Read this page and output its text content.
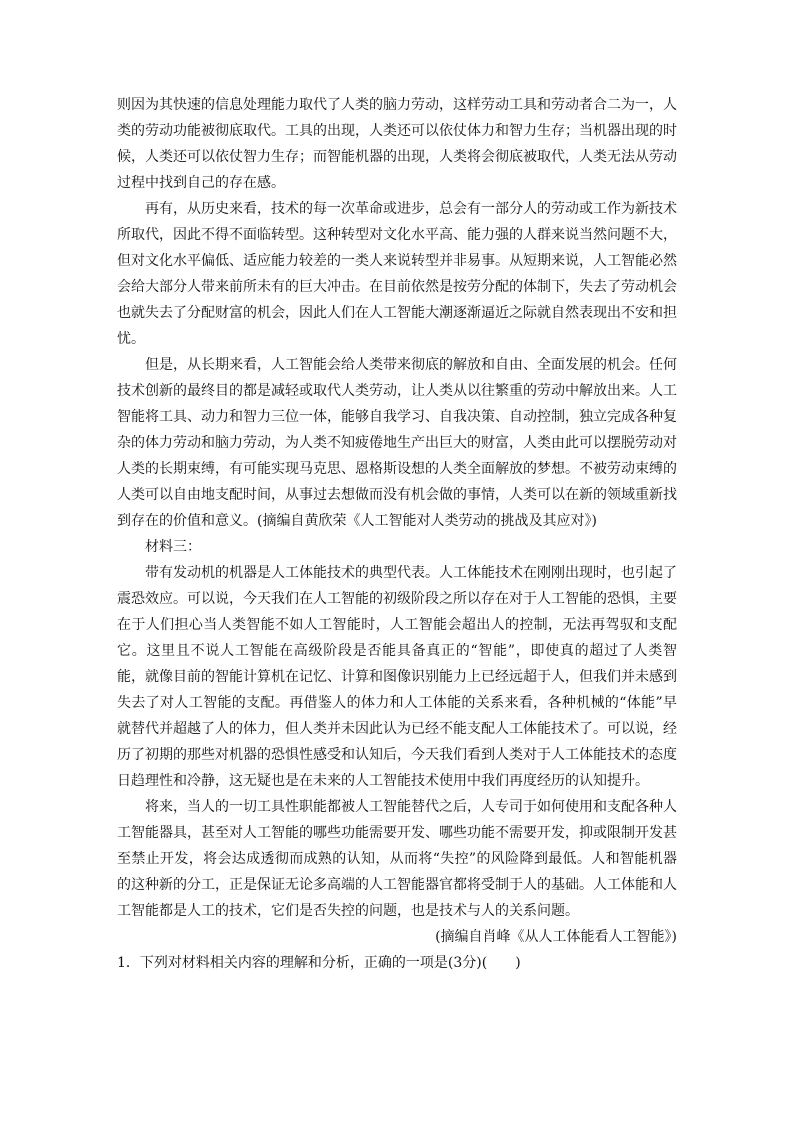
则因为其快速的信息处理能力取代了人类的脑力劳动，这样劳动工具和劳动者合二为一，人类的劳动功能被彻底取代。工具的出现，人类还可以依仗体力和智力生存；当机器出现的时候，人类还可以依仗智力生存；而智能机器的出现，人类将会彻底被取代，人类无法从劳动过程中找到自己的存在感。

再有，从历史来看，技术的每一次革命或进步，总会有一部分人的劳动或工作为新技术所取代，因此不得不面临转型。这种转型对文化水平高、能力强的人群来说当然问题不大，但对文化水平偏低、适应能力较差的一类人来说转型并非易事。从短期来说，人工智能必然会给大部分人带来前所未有的巨大冲击。在目前依然是按劳分配的体制下，失去了劳动机会也就失去了分配财富的机会，因此人们在人工智能大潮逐渐逼近之际就自然表现出不安和担忧。

但是，从长期来看，人工智能会给人类带来彻底的解放和自由、全面发展的机会。任何技术创新的最终目的都是减轻或取代人类劳动，让人类从以往繁重的劳动中解放出来。人工智能将工具、动力和智力三位一体，能够自我学习、自我决策、自动控制，独立完成各种复杂的体力劳动和脑力劳动，为人类不知疲倦地生产出巨大的财富，人类由此可以摆脱劳动对人类的长期束缚，有可能实现马克思、恩格斯设想的人类全面解放的梦想。不被劳动束缚的人类可以自由地支配时间，从事过去想做而没有机会做的事情，人类可以在新的领域重新找到存在的价值和意义。(摘编自黄欣荣《人工智能对人类劳动的挑战及其应对》)

材料三：

带有发动机的机器是人工体能技术的典型代表。人工体能技术在刚刚出现时，也引起了震恐效应。可以说，今天我们在人工智能的初级阶段之所以存在对于人工智能的恐惧，主要在于人们担心当人类智能不如人工智能时，人工智能会超出人的控制，无法再驾驭和支配它。这里且不说人工智能在高级阶段是否能具备真正的“智能”，即使真的超过了人类智能，就像目前的智能计算机在记忆、计算和图像识别能力上已经远超于人，但我们并未感到失去了对人工智能的支配。再借鉴人的体力和人工体能的关系来看，各种机械的“体能”早就替代并超越了人的体力，但人类并未因此认为已经不能支配人工体能技术了。可以说，经历了初期的那些对机器的恐惧性感受和认知后，今天我们看到人类对于人工体能技术的态度日趋理性和冷静，这无疑也是在未来的人工智能技术使用中我们再度经历的认知提升。

将来，当人的一切工具性职能都被人工智能替代之后，人专司于如何使用和支配各种人工智能器具，甚至对人工智能的哪些功能需要开发、哪些功能不需要开发，抑或限制开发甚至禁止开发，将会达成透彻而成熟的认知，从而将“失控”的风险降到最低。人和智能机器的这种新的分工，正是保证无论多高端的人工智能器官都将受制于人的基础。人工体能和人工智能都是人工的技术，它们是否失控的问题，也是技术与人的关系问题。

(摘编自肖峰《从人工体能看人工智能》)

1．下列对材料相关内容的理解和分析，正确的一项是(3分)(　　)
